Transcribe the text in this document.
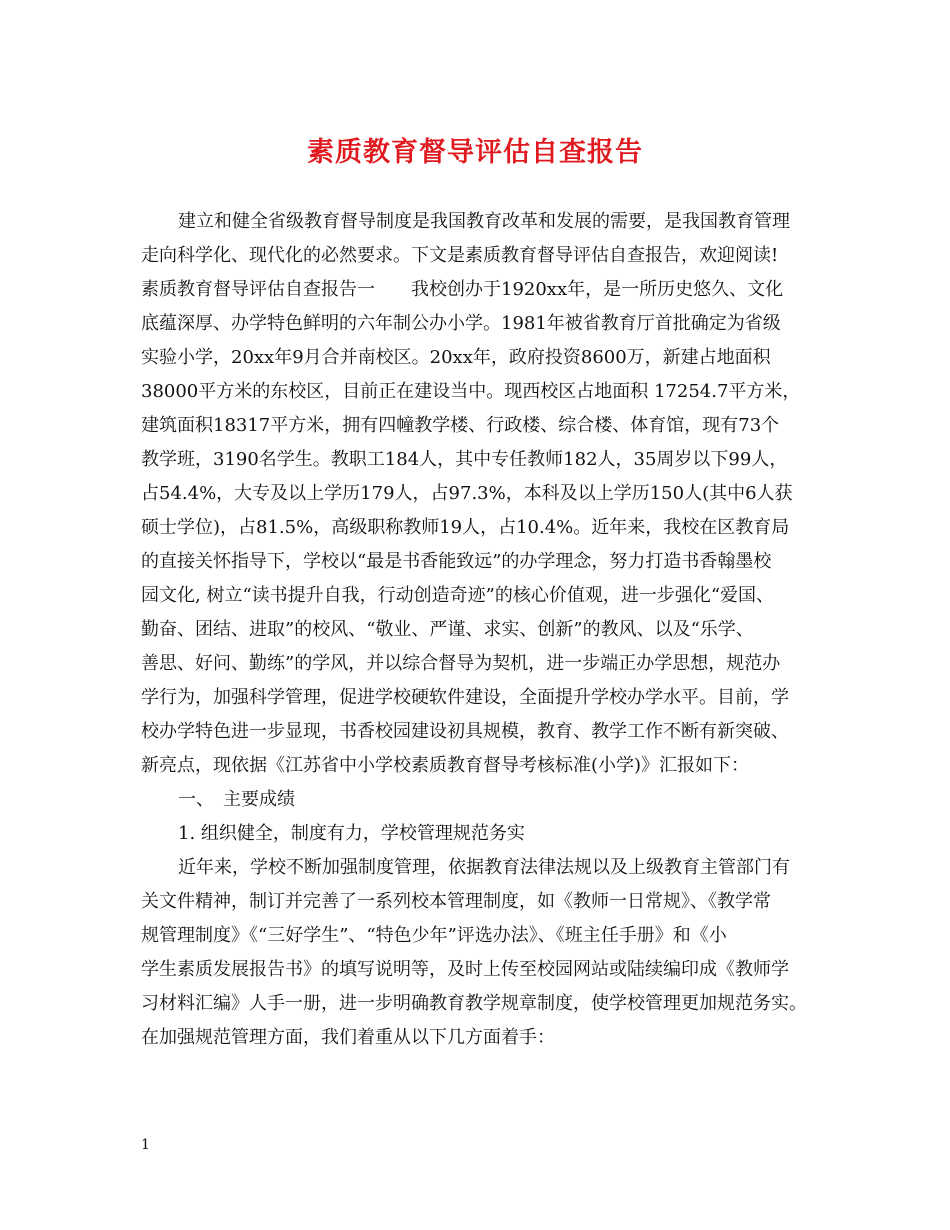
素质教育督导评估自查报告

建立和健全省级教育督导制度是我国教育改革和发展的需要，是我国教育管理

走向科学化、现代化的必然要求。下文是素质教育督导评估自查报告，欢迎阅读!

素质教育督导评估自查报告一　　我校创办于1920xx年，是一所历史悠久、文化

底蕴深厚、办学特色鲜明的六年制公办小学。1981年被省教育厅首批确定为省级

实验小学，20xx年9月合并南校区。20xx年，政府投资8600万，新建占地面积

38000平方米的东校区，目前正在建设当中。现西校区占地面积 17254.7平方米，

建筑面积18317平方米，拥有四幢教学楼、行政楼、综合楼、体育馆，现有73个

教学班，3190名学生。教职工184人，其中专任教师182人，35周岁以下99人，

占54.4%，大专及以上学历179人，占97.3%，本科及以上学历150人(其中6人获

硕士学位)，占81.5%，高级职称教师19人，占10.4%。近年来，我校在区教育局

的直接关怀指导下，学校以“最是书香能致远”的办学理念，努力打造书香翰墨校

园文化, 树立“读书提升自我，行动创造奇迹”的核心价值观，进一步强化“爱国、

勤奋、团结、进取”的校风、“敬业、严谨、求实、创新”的教风、以及“乐学、

善思、好问、勤练”的学风，并以综合督导为契机，进一步端正办学思想，规范办

学行为，加强科学管理，促进学校硬软件建设，全面提升学校办学水平。目前，学

校办学特色进一步显现，书香校园建设初具规模，教育、教学工作不断有新突破、

新亮点，现依据《江苏省中小学校素质教育督导考核标准(小学)》汇报如下：

一、　主要成绩

1. 组织健全，制度有力，学校管理规范务实

近年来，学校不断加强制度管理，依据教育法律法规以及上级教育主管部门有

关文件精神，制订并完善了一系列校本管理制度，如《教师一日常规》、《教学常

规管理制度》《“三好学生”、“特色少年”评选办法》、《班主任手册》和《小

学生素质发展报告书》的填写说明等，及时上传至校园网站或陆续编印成《教师学

习材料汇编》人手一册，进一步明确教育教学规章制度，使学校管理更加规范务实。

在加强规范管理方面，我们着重从以下几方面着手：

1
